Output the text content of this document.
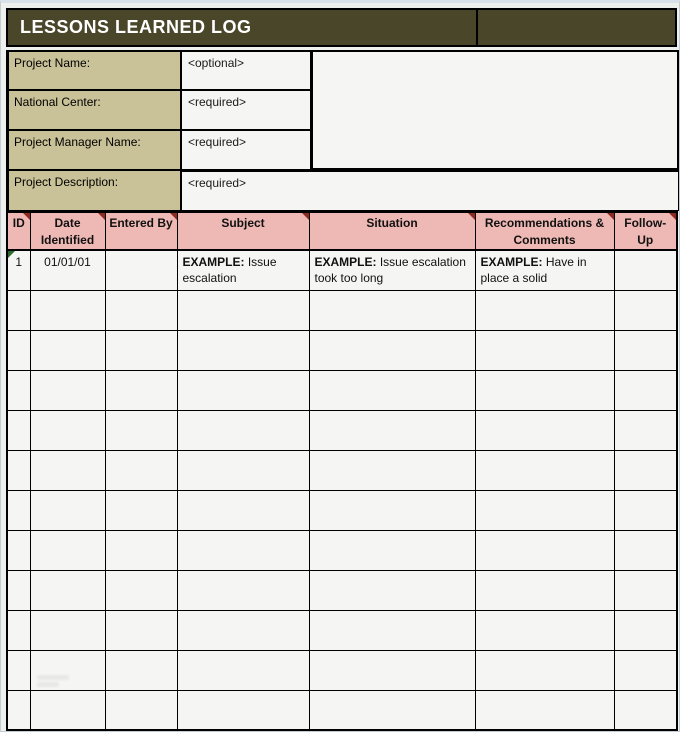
LESSONS LEARNED LOG
Project Name:	<optional>
National Center:	<required>
Project Manager Name:	<required>
Project Description:	<required>
ID	Date Identified	Entered By	Subject	Situation	Recommendations & Comments	Follow-Up

1	01/01/01		EXAMPLE: Issue escalation	EXAMPLE: Issue escalation took too long	EXAMPLE: Have in place a solid	
